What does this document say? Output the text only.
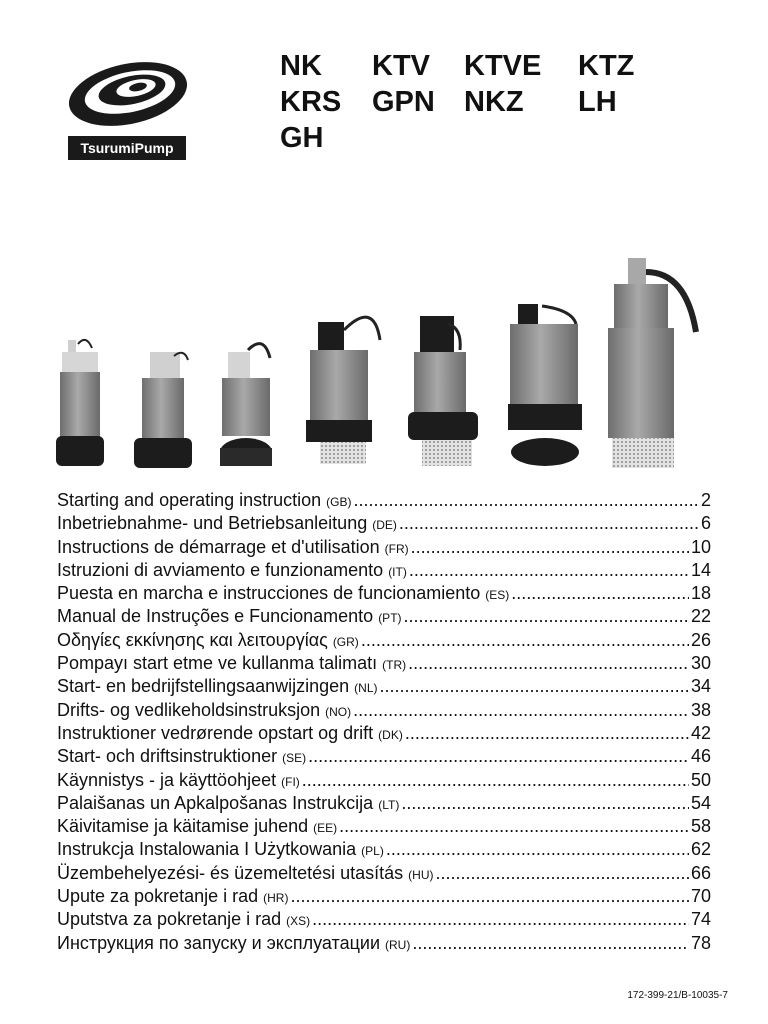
TsurumiPump
NK	KTV	KTVE	KTZ
KRS	GPN	NKZ	LH
GH
Starting and operating instruction (GB) .....	2
Inbetriebnahme- und Betriebsanleitung (DE) .....	6
Instructions de démarrage et d'utilisation (FR) .....	10
Istruzioni di avviamento e funzionamento (IT) .....	14
Puesta en marcha e instrucciones de funcionamiento (ES) .....	18
Manual de Instruções e Funcionamento (PT) .....	22
Οδηγίες εκκίνησης και λειτουργίας (GR) .....	26
Pompayı start etme ve kullanma talimatı (TR) .....	30
Start- en bedrijfstellingsaanwijzingen (NL) .....	34
Drifts- og vedlikeholdsinstruksjon (NO) .....	38
Instruktioner vedrørende opstart og drift (DK) .....	42
Start- och driftsinstruktioner (SE) .....	46
Käynnistys - ja käyttöohjeet (FI) .....	50
Palaišanas un Apkalpošanas Instrukcija (LT) .....	54
Käivitamise ja käitamise juhend (EE) .....	58
Instrukcja Instalowania I Użytkowania (PL) .....	62
Üzembehelyezési- és üzemeltetési utasítás (HU) .....	66
Upute za pokretanje i rad (HR) .....	70
Uputstva za pokretanje i rad (XS) .....	74
Инструкция по запуску и эксплуатации (RU) .....	78
172-399-21/B-10035-7
